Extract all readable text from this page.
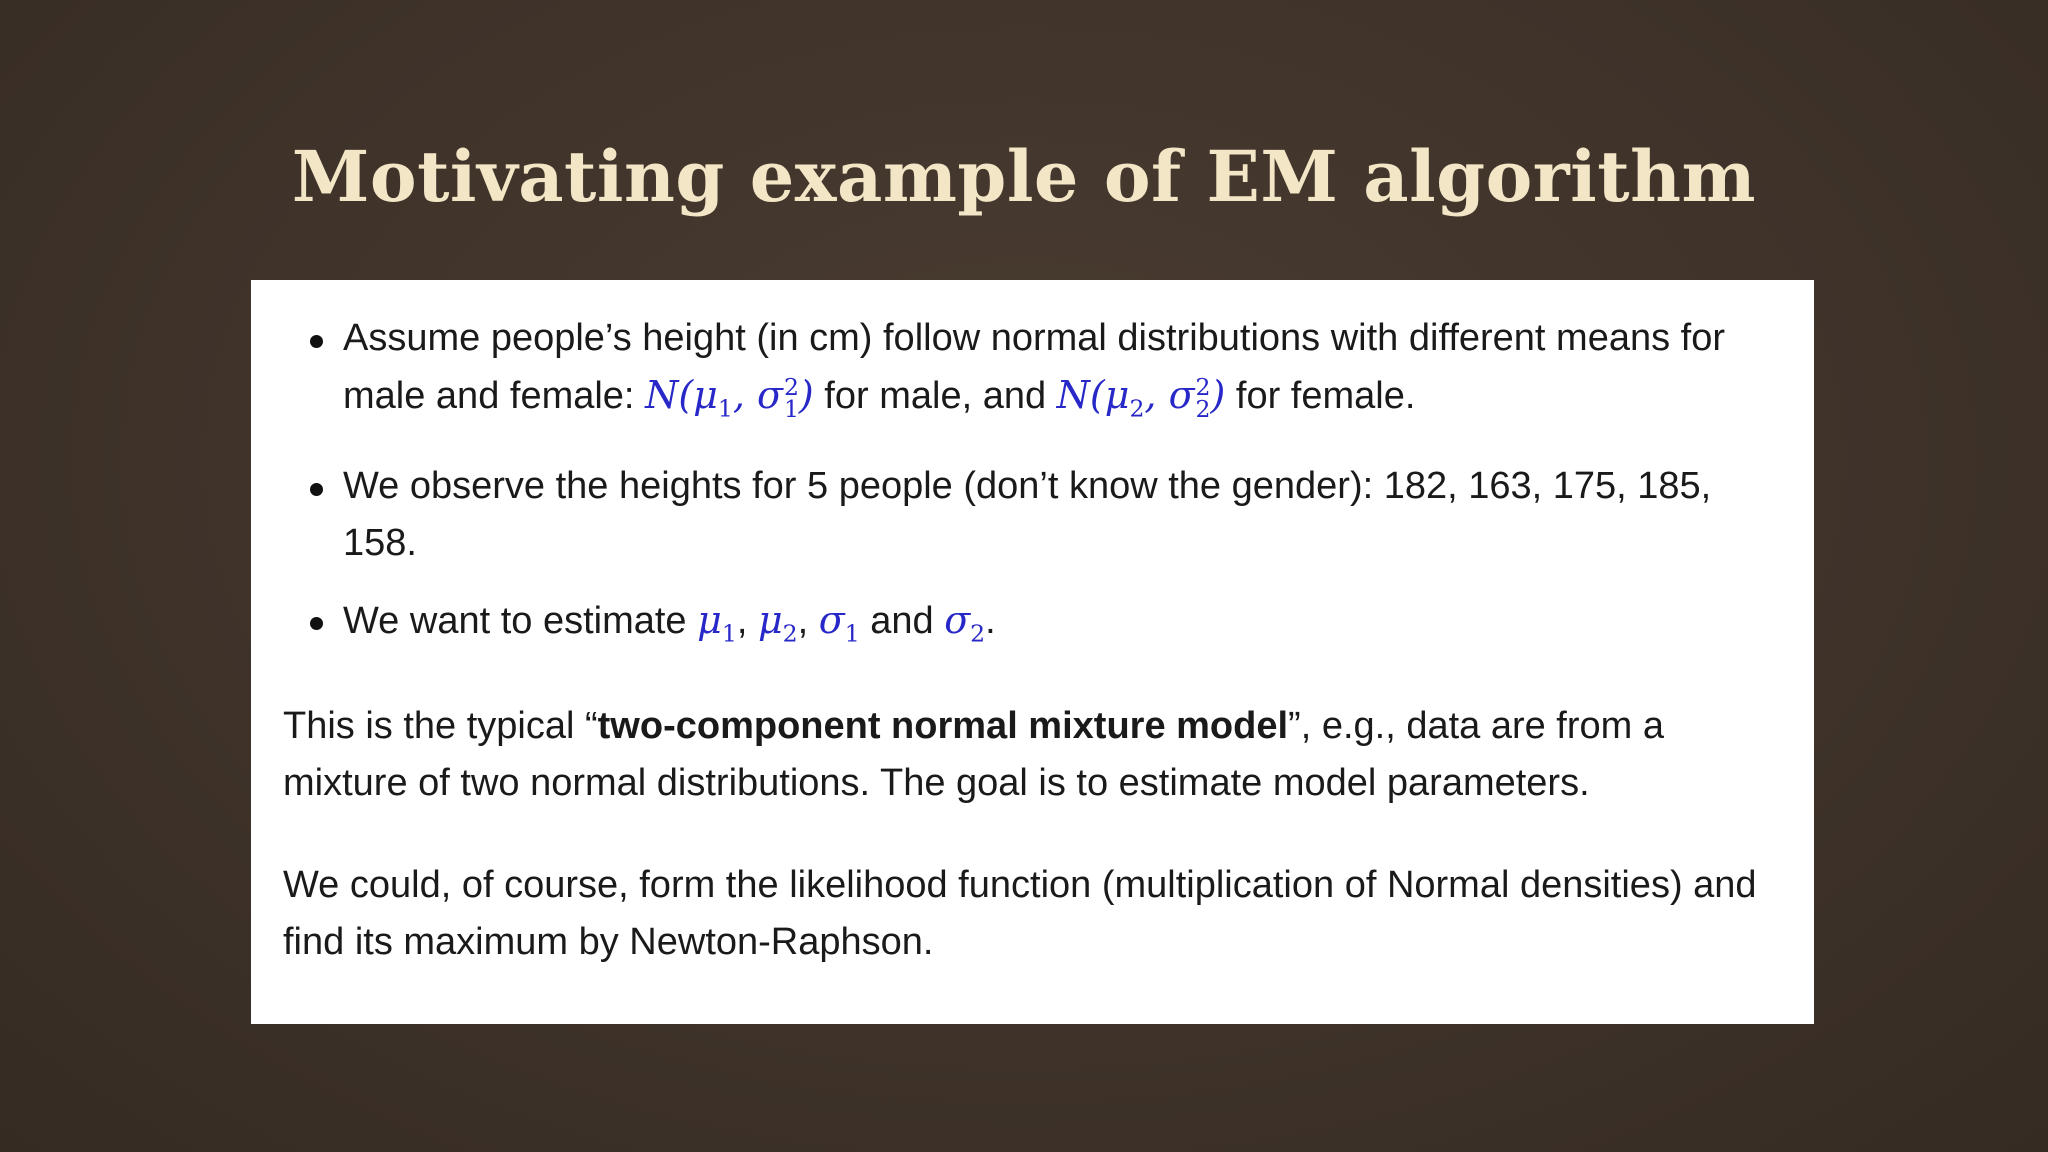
Motivating example of EM algorithm
Assume people’s height (in cm) follow normal distributions with different means for male and female: $N(\mu_1$, σ 2
1 ) for male, and $N(\mu_2$, σ 2
2 ) for female.
We observe the heights for 5 people (don’t know the gender): 182, 163, 175, 185, 158.
We want to estimate $\mu_1$, $\mu_2$, $\sigma_1$ and $\sigma_2$.

This is the typical “two-component normal mixture model”, e.g., data are from a mixture of two normal distributions. The goal is to estimate model parameters.

We could, of course, form the likelihood function (multiplication of Normal densities) and find its maximum by Newton-Raphson.
